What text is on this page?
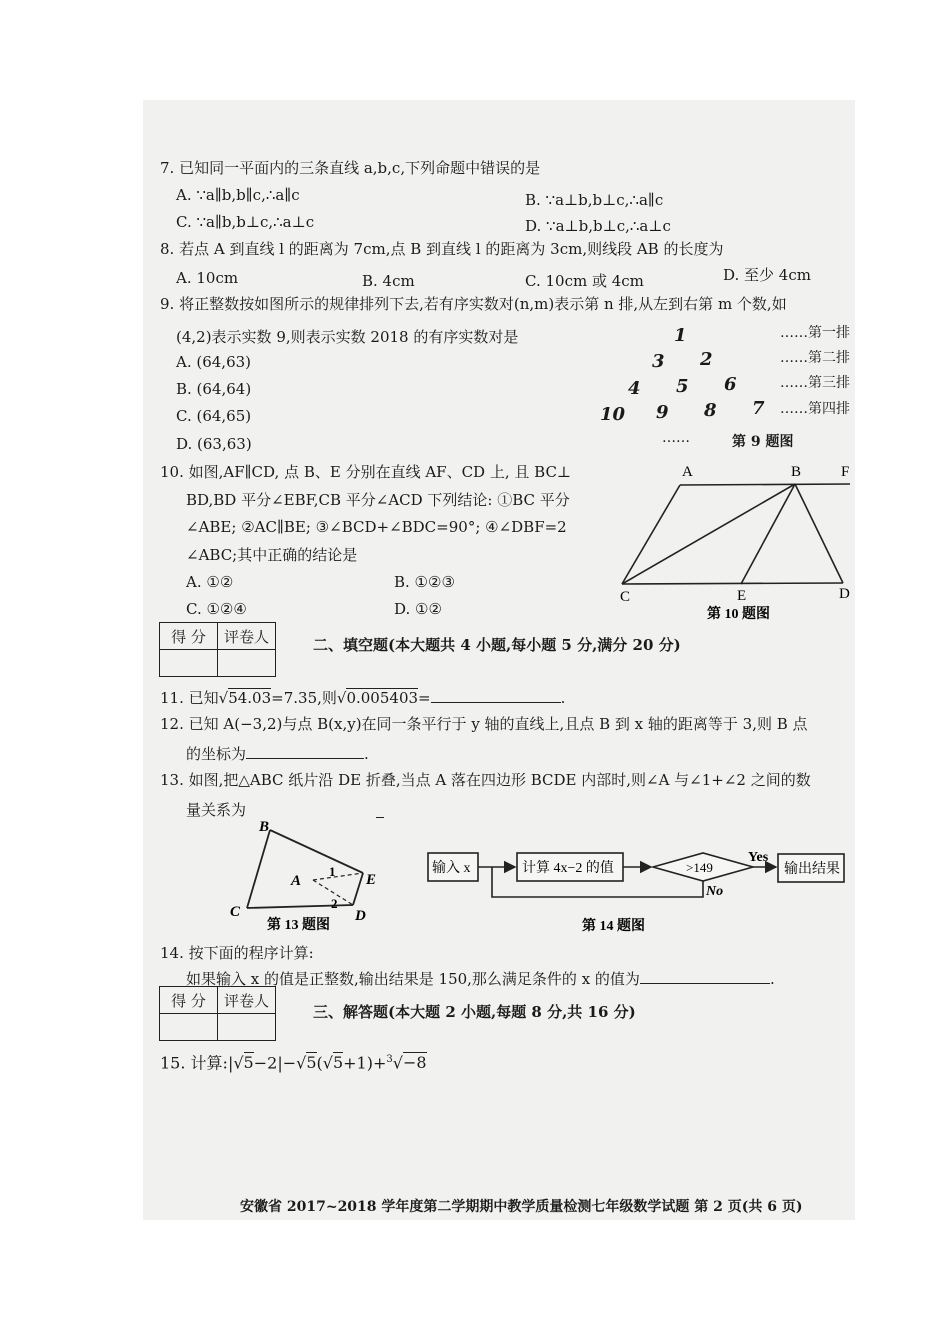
7. 已知同一平面内的三条直线 a,b,c,下列命题中错误的是
A. ∵a∥b,b∥c,∴a∥c	B. ∵a⊥b,b⊥c,∴a∥c
C. ∵a∥b,b⊥c,∴a⊥c	D. ∵a⊥b,b⊥c,∴a⊥c
8. 若点 A 到直线 l 的距离为 7cm,点 B 到直线 l 的距离为 3cm,则线段 AB 的长度为
A. 10cm	B. 4cm	C. 10cm 或 4cm	D. 至少 4cm
9. 将正整数按如图所示的规律排列下去,若有序实数对(n,m)表示第 n 排,从左到右第 m 个数,如
(4,2)表示实数 9,则表示实数 2018 的有序实数对是
A. (64,63)
B. (64,64)
C. (64,65)
D. (63,63)
1	……第一排
3 2	……第二排
4 5 6	……第三排
10 9 8 7 ……第四排
……	第 9 题图
10. 如图,AF∥CD, 点 B、E 分别在直线 AF、CD 上, 且 BC⊥
BD,BD 平分∠EBF,CB 平分∠ACD 下列结论: ①BC 平分
∠ABE; ②AC∥BE; ③∠BCD+∠BDC=90°; ④∠DBF=2
∠ABC;其中正确的结论是
A. ①②	B. ①②③
C. ①②④	D. ①②
A	B	F
C	E	D
第 10 题图
得 分	评卷人
		二、填空题(本大题共 4 小题,每小题 5 分,满分 20 分)
11. 已知√54.03=7.35,则√0.005403=	.
12. 已知 A(−3,2)与点 B(x,y)在同一条平行于 y 轴的直线上,且点 B 到 x 轴的距离等于 3,则 B 点
的坐标为	.
13. 如图,把△ABC 纸片沿 DE 折叠,当点 A 落在四边形 BCDE 内部时,则∠A 与∠1+∠2 之间的数
量关系为
B
C
A	E
D
1
2
第 13 题图
输入 x	计算 4x−2 的值	>149
Yes
No
输出结果
第 14 题图
14. 按下面的程序计算:
如果输入 x 的值是正整数,输出结果是 150,那么满足条件的 x 的值为	.
得 分	评卷人

三、解答题(本大题 2 小题,每题 8 分,共 16 分)
15. 计算:|√5−2|−√5(√5+1)+$^3$√−8
安徽省 2017~2018 学年度第二学期期中教学质量检测七年级数学试题 第 2 页(共 6 页)
